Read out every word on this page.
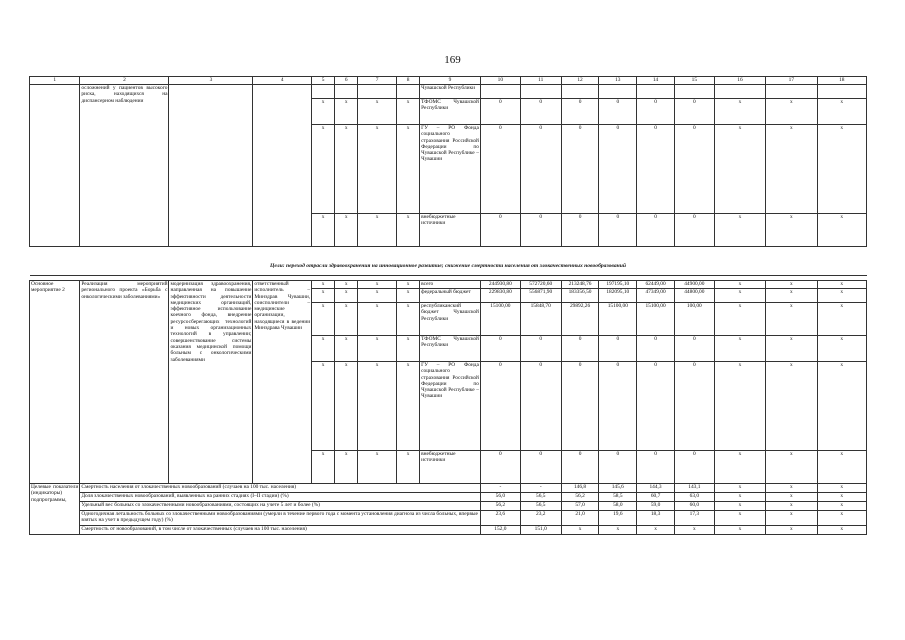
169
1	2	3	4	5	6	7	8	9	10	11	12	13	14	15	16	17	18
	осложнений у пациентов высокого риска, находящихся на диспансерном наблюдении							Чувашской Республики									
				x	x	x	x	ТФОМС Чувашской Республики	0	0	0	0	0	0	x	x	x
				x	x	x	x	ГУ – РО Фонда социального страхования Российской Федерации по Чувашской Республике – Чувашии	0	0	0	0	0	0	x	x	x
				x	x	x	x	внебюджетные источники	0	0	0	0	0	0	x	x	x
Цели: переход отрасли здравоохранения на инновационное развитие; снижение смертности населения от злокачественных новообразований																	

Основное мероприятие 2	Реализация мероприятий регионального проекта «Борьба с онкологическими заболеваниями»	модернизация здравоохранения, направленная на повышение эффективности деятельности медицинских организаций, эффективное использование коечного фонда, внедрение ресурсосберегающих технологий и новых организационных технологий в управлении; совершенствование системы оказания медицинской помощи больным с онкологическими заболеваниями	ответственный исполнитель – Минздрав Чувашии, соисполнители – медицинские организации, находящиеся в ведении Минздрава Чувашии	x	x	x	x	всего	244930,80	572720,60	213248,76	197195,10	62449,00	44900,00	x	x	x
				x	x	x	x	федеральный бюджет	229830,80	556871,90	183356,50	182095,10	47349,00	44800,00	x	x	x
				x	x	x	x	республиканский бюджет Чувашской Республики	15100,00	15848,70	29892,26	15100,00	15100,00	100,00	x	x	x
				x	x	x	x	ТФОМС Чувашской Республики	0	0	0	0	0	0	x	x	x
				x	x	x	x	ГУ – РО Фонда социального страхования Российской Федерации по Чувашской Республике – Чувашии	0	0	0	0	0	0	x	x	x
				x	x	x	x	внебюджетные источники	0	0	0	0	0	0	x	x	x
Целевые показатели (индикаторы) подпрограммы,	Смертность населения от злокачественных новообразований (случаев на 100 тыс. населения)								-	-	146,8	145,6	144,3	143,1	x	x	x
	Доля злокачественных новообразований, выявленных на ранних стадиях (I–II стадии) (%)								56,0	56,5	56,2	58,5	60,7	63,0	x	x	x
	Удельный вес больных со злокачественными новообразованиями, состоящих на учете 5 лет и более (%)								56,2	56,5	57,0	58,0	59,0	60,0	x	x	x
	Одногодичная летальность больных со злокачественными новообразованиями (умерли в течение первого года с момента установления диагноза из числа больных, впервые взятых на учет в предыдущем году) (%)								23,6	23,2	21,0	19,6	18,3	17,3	x	x	x
	Смертность от новообразований, в том числе от злокачественных (случаев на 100 тыс. населения)								152,0	151,0	x	x	x	x	x	x	x
